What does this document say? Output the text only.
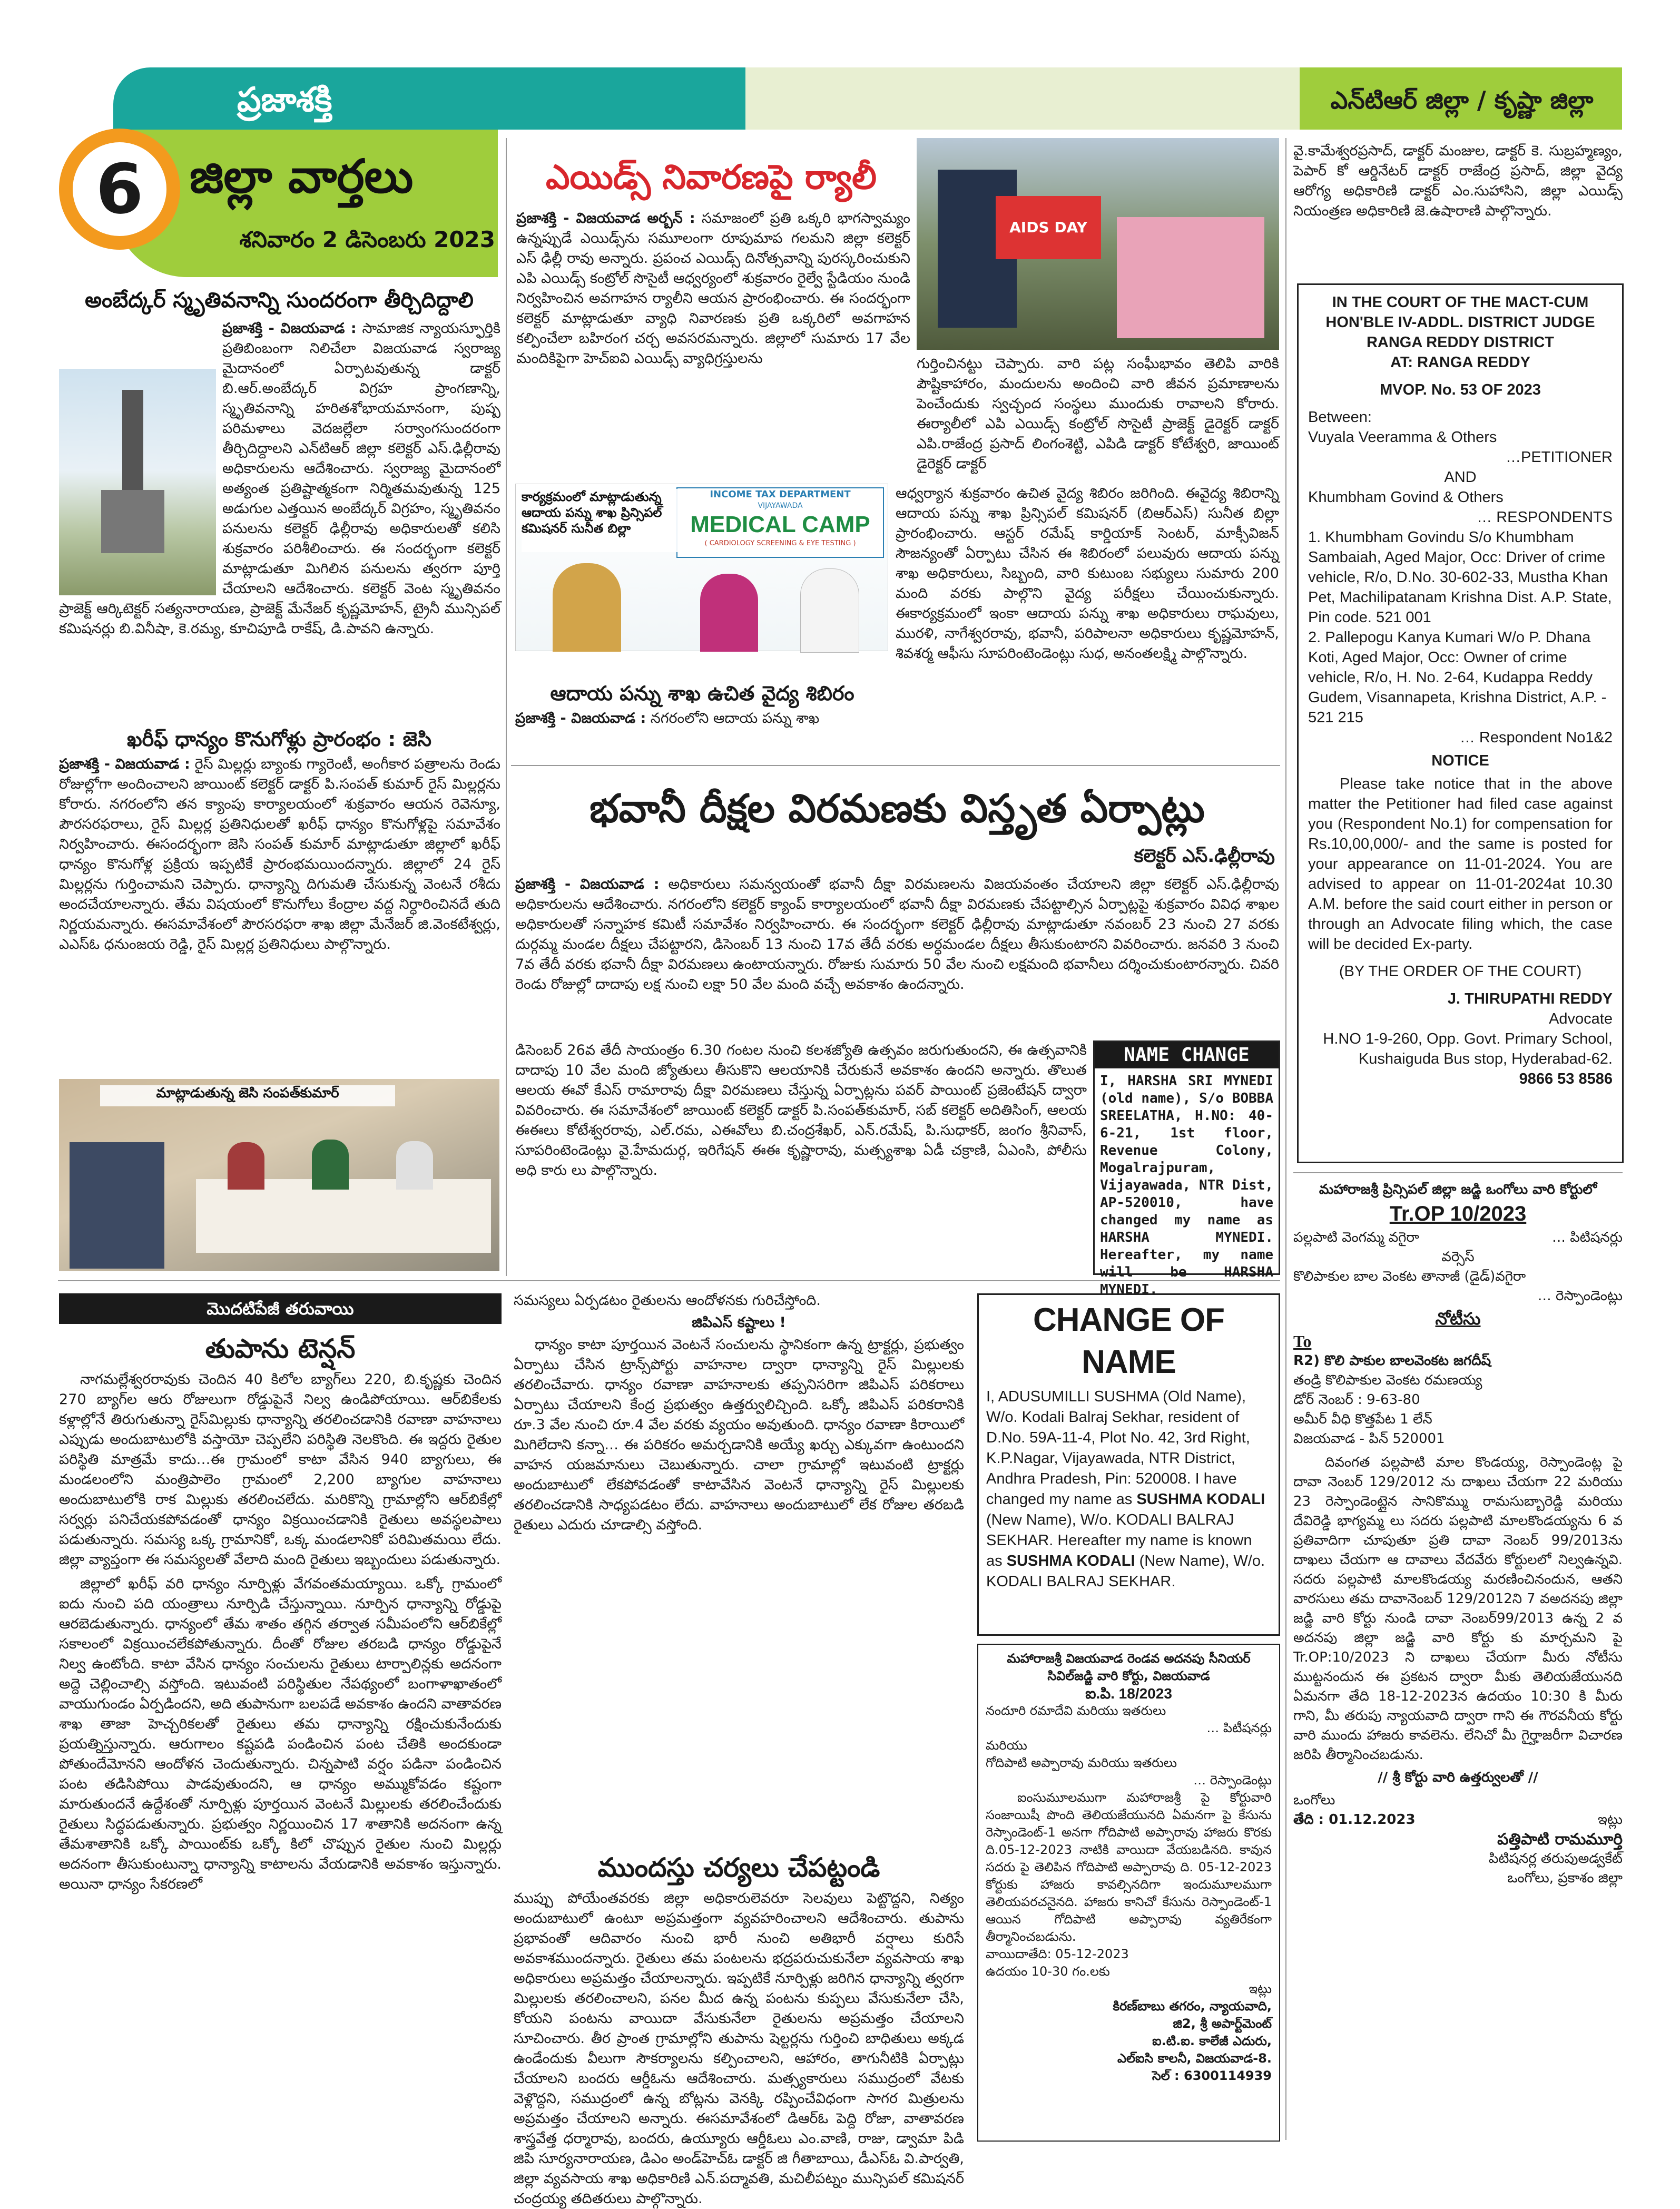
ప్రజాశక్తి	ఎన్‌టిఆర్ జిల్లా / కృష్ణా జిల్లా
6 జిల్లా వార్తలు
శనివారం 2 డిసెంబరు 2023
అంబేద్కర్ స్మృతివనాన్ని సుందరంగా తీర్చిదిద్దాలి
ప్రజాశక్తి - విజయవాడ : సామాజిక న్యాయస్ఫూర్తికి ప్రతిబింబంగా నిలిచేలా విజయవాడ స్వరాజ్య మైదానంలో ఏర్పాటవుతున్న డాక్టర్ బి.ఆర్.అంబేద్కర్ విగ్రహ ప్రాంగణాన్ని, స్మృతివనాన్ని హరితశోభాయమానంగా, పుష్ప పరిమళాలు వెదజల్లేలా సర్వాంగసుందరంగా తీర్చిదిద్దాలని ఎన్‌టిఆర్ జిల్లా కలెక్టర్ ఎస్.ఢిల్లీరావు అధికారులను ఆదేశించారు. స్వరాజ్య మైదానంలో అత్యంత ప్రతిష్టాత్మకంగా నిర్మితమవుతున్న 125 అడుగుల ఎత్తయిన అంబేద్కర్ విగ్రహం, స్మృతివనం పనులను కలెక్టర్ ఢిల్లీరావు అధికారులతో కలిసి శుక్రవారం పరిశీలించారు. ఈ సందర్భంగా కలెక్టర్ మాట్లాడుతూ మిగిలిన పనులను త్వరగా పూర్తి చేయాలని ఆదేశించారు. కలెక్టర్ వెంట స్మృతివనం ప్రాజెక్ట్ ఆర్కిటెక్టర్ సత్యనారాయణ, ప్రాజెక్ట్ మేనేజర్ కృష్ణమోహన్, ట్రైనీ మున్సిపల్ కమిషనర్లు బి.వినీషా, కె.రమ్య, కూచిపూడి రాకేష్, డి.పావని ఉన్నారు.
ఖరీఫ్ ధాన్యం కొనుగోళ్లు ప్రారంభం : జెసి
ప్రజాశక్తి - విజయవాడ : రైస్ మిల్లర్లు బ్యాంకు గ్యారెంటీ, అంగీకార పత్రాలను రెండు రోజుల్లోగా అందించాలని జాయింట్ కలెక్టర్ డాక్టర్ పి.సంపత్ కుమార్ రైస్ మిల్లర్లను కోరారు. నగరంలోని తన క్యాంపు కార్యాలయంలో శుక్రవారం ఆయన రెవెన్యూ, పౌరసరఫరాలు, రైస్ మిల్లర్ల ప్రతినిధులతో ఖరీఫ్ ధాన్యం కొనుగోళ్లపై సమావేశం నిర్వహించారు. ఈసందర్భంగా జెసి సంపత్ కుమార్ మాట్లాడుతూ జిల్లాలో ఖరీఫ్ ధాన్యం కొనుగోళ్ల ప్రక్రియ ఇప్పటికే ప్రారంభమయిందన్నారు. జిల్లాలో 24 రైస్ మిల్లర్లను గుర్తించామని చెప్పారు. ధాన్యాన్ని దిగుమతి చేసుకున్న వెంటనే రశీదు అందచేయాలన్నారు. తేమ విషయంలో కొనుగోలు కేంద్రాల వద్ద నిర్ధారించినదే తుది నిర్ణయమన్నారు. ఈసమావేశంలో పౌరసరఫరా శాఖ జిల్లా మేనేజర్ జి.వెంకటేశ్వర్లు, ఎఎస్‌ఓ ధనుంజయ రెడ్డి, రైస్ మిల్లర్ల ప్రతినిధులు పాల్గొన్నారు.
మాట్లాడుతున్న జెసి సంపత్‌కుమార్
ఎయిడ్స్ నివారణపై ర్యాలీ
ప్రజాశక్తి - విజయవాడ అర్బన్ : సమాజంలో ప్రతి ఒక్కరి భాగస్వామ్యం ఉన్నప్పుడే ఎయిడ్స్‌ను సమూలంగా రూపుమాప గలమని జిల్లా కలెక్టర్ ఎస్ ఢిల్లీ రావు అన్నారు. ప్రపంచ ఎయిడ్స్ దినోత్సవాన్ని పురస్కరించుకుని ఎపి ఎయిడ్స్ కంట్రోల్ సొసైటీ ఆధ్వర్యంలో శుక్రవారం రైల్వే స్టేడియం నుండి నిర్వహించిన అవగాహన ర్యాలీని ఆయన ప్రారంభించారు. ఈ సందర్భంగా కలెక్టర్ మాట్లాడుతూ వ్యాధి నివారణకు ప్రతి ఒక్కరిలో అవగాహన కల్పించేలా బహిరంగ చర్చ అవసరమన్నారు. జిల్లాలో సుమారు 17 వేల మందికిపైగా హెచ్‌ఐవి ఎయిడ్స్ వ్యాధిగ్రస్తులను
AIDS DAY
గుర్తించినట్టు చెప్పారు. వారి పట్ల సంఘీభావం తెలిపి వారికి పౌష్టికాహారం, మందులను అందించి వారి జీవన ప్రమాణాలను పెంచేందుకు స్వచ్ఛంద సంస్థలు ముందుకు రావాలని కోరారు. ఈర్యాలీలో ఎపి ఎయిడ్స్ కంట్రోల్ సొసైటీ ప్రాజెక్ట్ డైరెక్టర్ డాక్టర్ ఎపి.రాజేంద్ర ప్రసాద్ లింగంశెట్టి, ఎపిడి డాక్టర్ కోటేశ్వరి, జాయింట్ డైరెక్టర్ డాక్టర్
వై.కామేశ్వరప్రసాద్, డాక్టర్ మంజుల, డాక్టర్ కె. సుబ్రహ్మణ్యం, పెపార్ కో ఆర్డినేటర్ డాక్టర్ రాజేంద్ర ప్రసాద్, జిల్లా వైద్య ఆరోగ్య అధికారిణి డాక్టర్ ఎం.సుహాసిని, జిల్లా ఎయిడ్స్ నియంత్రణ అధికారిణి జె.ఉషారాణి పాల్గొన్నారు.
INCOME TAX DEPARTMENT
VIJAYAWADA
MEDICAL CAMP
( CARDIOLOGY SCREENING & EYE TESTING )
కార్యక్రమంలో మాట్లాడుతున్న ఆదాయ పన్ను శాఖ ప్రిన్సిపల్ కమిషనర్ సునీత బిల్లా
ఆదాయ పన్ను శాఖ ఉచిత వైద్య శిబిరం
ప్రజాశక్తి - విజయవాడ : నగరంలోని ఆదాయ పన్ను శాఖ
ఆధ్వర్యాన శుక్రవారం ఉచిత వైద్య శిబిరం జరిగింది. ఈవైద్య శిబిరాన్ని ఆదాయ పన్ను శాఖ ప్రిన్సిపల్ కమిషనర్ (బిఆర్‌ఎస్) సునీత బిల్లా ప్రారంభించారు. ఆస్టర్ రమేష్ కార్డియాక్ సెంటర్, మాక్సీవిజన్ సౌజన్యంతో ఏర్పాటు చేసిన ఈ శిబిరంలో పలువురు ఆదాయ పన్ను శాఖ అధికారులు, సిబ్బంది, వారి కుటుంబ సభ్యులు సుమారు 200 మంది వరకు పాల్గొని వైద్య పరీక్షలు చేయించుకున్నారు. ఈకార్యక్రమంలో ఇంకా ఆదాయ పన్ను శాఖ అధికారులు రాఘవులు, మురళి, నాగేశ్వరరావు, భవానీ, పరిపాలనా అధికారులు కృష్ణమోహన్, శివశర్మ ఆఫీసు సూపరింటెండెంట్లు సుధ, అనంతలక్ష్మి పాల్గొన్నారు.
భవానీ దీక్షల విరమణకు విస్తృత ఏర్పాట్లు
కలెక్టర్ ఎస్.ఢిల్లీరావు
ప్రజాశక్తి - విజయవాడ : అధికారులు సమన్వయంతో భవానీ దీక్షా విరమణలను విజయవంతం చేయాలని జిల్లా కలెక్టర్ ఎస్.ఢిల్లీరావు అధికారులను ఆదేశించారు. నగరంలోని కలెక్టర్ క్యాంప్ కార్యాలయంలో భవానీ దీక్షా విరమణకు చేపట్టాల్సిన ఏర్పాట్లపై శుక్రవారం వివిధ శాఖల అధికారులతో సన్నాహక కమిటీ సమావేశం నిర్వహించారు. ఈ సందర్భంగా కలెక్టర్ ఢిల్లీరావు మాట్లాడుతూ నవంబర్ 23 నుంచి 27 వరకు దుర్గమ్మ మండల దీక్షలు చేపట్టారని, డిసెంబర్ 13 నుంచి 17వ తేదీ వరకు అర్ధమండల దీక్షలు తీసుకుంటారని వివరించారు. జనవరి 3 నుంచి 7వ తేదీ వరకు భవానీ దీక్షా విరమణలు ఉంటాయన్నారు. రోజుకు సుమారు 50 వేల నుంచి లక్షమంది భవానీలు దర్శించుకుంటారన్నారు. చివరి రెండు రోజుల్లో దాదాపు లక్ష నుంచి లక్షా 50 వేల మంది వచ్చే అవకాశం ఉందన్నారు.
డిసెంబర్ 26వ తేదీ సాయంత్రం 6.30 గంటల నుంచి కలశజ్యోతి ఉత్సవం జరుగుతుందని, ఈ ఉత్సవానికి దాదాపు 10 వేల మంది జ్యోతులు తీసుకొని ఆలయానికి చేరుకునే అవకాశం ఉందని అన్నారు. తొలుత ఆలయ ఈవో కేఎస్ రామారావు దీక్షా విరమణలు చేస్తున్న ఏర్పాట్లను పవర్ పాయింట్ ప్రజెంటేషన్ ద్వారా వివరించారు. ఈ సమావేశంలో జాయింట్ కలెక్టర్ డాక్టర్ పి.సంపత్‌కుమార్, సబ్ కలెక్టర్ అదితిసింగ్, ఆలయ ఈఈలు కోటేశ్వరరావు, ఎల్.రమ, ఎఈవోలు బి.చంద్రశేఖర్, ఎన్.రమేష్, పి.సుధాకర్, జంగం శ్రీనివాస్, సూపరింటెండెంట్లు వై.హేమదుర్గ, ఇరిగేషన్ ఈఈ కృష్ణారావు, మత్స్యశాఖ ఏడీ చక్రాణి, ఏఎంసి, పోలీసు అధి కారు లు పాల్గొన్నారు.
NAME CHANGE
I, HARSHA SRI MYNEDI (old name), S/o BOBBA SREELATHA, H.NO: 40-6-21, 1st floor, Revenue Colony, Mogalrajpuram, Vijayawada, NTR Dist, AP-520010, have changed my name as HARSHA MYNEDI. Hereafter, my name will be HARSHA MYNEDI.
IN THE COURT OF THE MACT-CUM
HON'BLE IV-ADDL. DISTRICT JUDGE
RANGA REDDY DISTRICT
AT: RANGA REDDY
MVOP. No. 53 OF 2023
Between:
Vuyala Veeramma & Others
…PETITIONER
AND
Khumbham Govind & Others
… RESPONDENTS
1. Khumbham Govindu S/o Khumbham Sambaiah, Aged Major, Occ: Driver of crime vehicle, R/o, D.No. 30-602-33, Mustha Khan Pet, Machilipatanam Krishna Dist. A.P. State, Pin code. 521 001
2. Pallepogu Kanya Kumari W/o P. Dhana Koti, Aged Major, Occ: Owner of crime vehicle, R/o, H. No. 2-64, Kudappa Reddy Gudem, Visannapeta, Krishna District, A.P. - 521 215
… Respondent No1&2
NOTICE
Please take notice that in the above matter the Petitioner had filed case against you (Respondent No.1) for compensation for Rs.10,00,000/- and the same is posted for your appearance on 11-01-2024. You are advised to appear on 11-01-2024at 10.30 A.M. before the said court either in person or through an Advocate filing which, the case will be decided Ex-party.
(BY THE ORDER OF THE COURT)
J. THIRUPATHI REDDY
Advocate
H.NO 1-9-260, Opp. Govt. Primary School,
Kushaiguda Bus stop, Hyderabad-62.
9866 53 8586
మహారాజశ్రీ ప్రిన్సిపల్ జిల్లా జడ్జి ఒంగోలు వారి కోర్టులో
Tr.OP 10/2023
పల్లపాటి వెంగమ్మ వగైరా	… పిటిషనర్లు
వర్సెస్
కొలిపాకుల బాల వెంకట తానాజీ (డైడ్)వగైరా
… రెస్పాండెంట్లు
నోటీసు
To
R2) కొలి పాకుల బాలవెంకట జగదీష్
తండ్రి కొలిపాకుల వెంకట రమణయ్య
డోర్ నెంబర్ : 9-63-80
అమీర్ వీధి కొత్తపేట 1 లేన్
విజయవాడ - పిన్ 520001
దివంగత పల్లపాటి మాల కొండయ్య, రెస్పాండెంట్ల పై దావా నెంబర్ 129/2012 ను దాఖలు చేయగా 22 మరియు 23 రెస్పాండెంట్లైన సానికొమ్ము రామసుబ్బారెడ్డి మరియు దేవిరెడ్డి భాగ్యమ్మ లు సదరు పల్లపాటి మాలకొండయ్యను 6 వ ప్రతివాదిగా చూపుతూ ప్రతి దావా నెంబర్ 99/2013ను దాఖలు చేయగా ఆ దావాలు వేదవేరు కోర్టులలో నిల్వఉన్నవి. సదరు పల్లపాటి మాలకొండయ్య మరణించినందున, ఆతని వారసులు తమ దావానెంబర్ 129/2012ని 7 వఅదనపు జిల్లా జడ్జి వారి కోర్టు నుండి దావా నెంబర్99/2013 ఉన్న 2 వ అదనపు జిల్లా జడ్జి వారి కోర్టు కు మార్చమని పై Tr.OP:10/2023 ని దాఖలు చేయగా మీరు నోటీసు ముట్టనందున ఈ ప్రకటన ద్వారా మీకు తెలియజేయునది ఏమనగా తేది 18-12-2023న ఉదయం 10:30 కి మీరు గాని, మీ తరుపు న్యాయవాది ద్వారా గాని ఈ గౌరవనీయ కోర్టు వారి ముందు హాజరు కావలెను. లేనిచో మీ గైర్హాజరీగా విచారణ జరిపి తీర్మానించబడును.
// శ్రీ కోర్టు వారి ఉత్తర్వులతో //
ఒంగోలు
తేది : 01.12.2023	ఇట్లు
పత్తిపాటి రామమూర్తి
పిటిషనర్ల తరుపుఅడ్వకేట్
ఒంగోలు, ప్రకాశం జిల్లా
మొదటిపేజీ తరువాయి
తుపాను టెన్షన్

నాగమల్లేశ్వరరావుకు చెందిన 40 కిలోల బ్యాగ్‌లు 220, బి.కృష్ణకు చెందిన 270 బ్యాగ్‌ల ఆరు రోజులుగా రోడ్డుపైనే నిల్వ ఉండిపోయాయి. ఆర్‌బికేలకు కళ్లాల్లోనే తిరుగుతున్నా రైస్‌మిల్లుకు ధాన్యాన్ని తరలించడానికి రవాణా వాహనాలు ఎప్పుడు అందుబాటులోకి వస్తాయో చెప్పలేని పరిస్థితి నెలకొంది. ఈ ఇద్దరు రైతుల పరిస్థితి మాత్రమే కాదు…ఈ గ్రామంలో కాటా వేసిన 940 బ్యాగులు, ఈ మండలంలోని మంత్రిపాలెం గ్రామంలో 2,200 బ్యాగుల వాహనాలు అందుబాటులోకి రాక మిల్లుకు తరలించలేదు. మరికొన్ని గ్రామాల్లోని ఆర్‌బికేల్లో సర్వర్లు పనిచేయకపోవడంతో ధాన్యం విక్రయించడానికి రైతులు అవస్థలపాలు పడుతున్నారు. సమస్య ఒక్క గ్రామానికో, ఒక్క మండలానికో పరిమితమయి లేదు. జిల్లా వ్యాప్తంగా ఈ సమస్యలతో వేలాది మంది రైతులు ఇబ్బందులు పడుతున్నారు.

జిల్లాలో ఖరీఫ్ వరి ధాన్యం నూర్పిళ్లు వేగవంతమయ్యాయి. ఒక్కో గ్రామంలో ఐదు నుంచి పది యంత్రాలు నూర్పిడి చేస్తున్నాయి. నూర్పిన ధాన్యాన్ని రోడ్డుపై ఆరబెడుతున్నారు. ధాన్యంలో తేమ శాతం తగ్గిన తర్వాత సమీపంలోని ఆర్‌బికేల్లో సకాలంలో విక్రయించలేకపోతున్నారు. దీంతో రోజుల తరబడి ధాన్యం రోడ్డుపైనే నిల్వ ఉంటోంది. కాటా వేసిన ధాన్యం సంచులను రైతులు టార్పాలిన్లకు అదనంగా అద్దె చెల్లించాల్సి వస్తోంది. ఇటువంటి పరిస్థితుల నేపథ్యంలో బంగాళాఖాతంలో వాయుగుండం ఏర్పడిందని, అది తుపానుగా బలపడే అవకాశం ఉందని వాతావరణ శాఖ తాజా హెచ్చరికలతో రైతులు తమ ధాన్యాన్ని రక్షించుకునేందుకు ప్రయత్నిస్తున్నారు. ఆరుగాలం కష్టపడి పండించిన పంట చేతికి అందకుండా పోతుందేమోనని ఆందోళన చెందుతున్నారు. చిన్నపాటి వర్షం పడినా పండించిన పంట తడిసిపోయి పాడవుతుందని, ఆ ధాన్యం అమ్ముకోవడం కష్టంగా మారుతుందనే ఉద్దేశంతో నూర్పిళ్లు పూర్తయిన వెంటనే మిల్లులకు తరలించేందుకు రైతులు సిద్ధపడుతున్నారు. ప్రభుత్వం నిర్ణయించిన 17 శాతానికి అదనంగా ఉన్న తేమశాతానికి ఒక్కో పాయింట్‌కు ఒక్కో కిలో చొప్పున రైతుల నుంచి మిల్లర్లు అదనంగా తీసుకుంటున్నా ధాన్యాన్ని కాటాలను వేయడానికి అవకాశం ఇస్తున్నారు. అయినా ధాన్యం సేకరణలో

సమస్యలు ఏర్పడటం రైతులను ఆందోళనకు గురిచేస్తోంది.
జిపిఎస్ కష్టాలు !

ధాన్యం కాటా పూర్తయిన వెంటనే సంచులను స్థానికంగా ఉన్న ట్రాక్టర్లు, ప్రభుత్వం ఏర్పాటు చేసిన ట్రాన్స్‌పోర్టు వాహనాల ద్వారా ధాన్యాన్ని రైస్ మిల్లులకు తరలించేవారు. ధాన్యం రవాణా వాహనాలకు తప్పనిసరిగా జిపిఎస్ పరికరాలు ఏర్పాటు చేయాలని కేంద్ర ప్రభుత్వం ఉత్తర్వులిచ్చింది. ఒక్కో జిపిఎస్ పరికరానికి రూ.3 వేల నుంచి రూ.4 వేల వరకు వ్యయం అవుతుంది. ధాన్యం రవాణా కిరాయిలో మిగిలేదాని కన్నా… ఈ పరికరం అమర్చడానికి అయ్యే ఖర్చు ఎక్కువగా ఉంటుందని వాహన యజమానులు చెబుతున్నారు. చాలా గ్రామాల్లో ఇటువంటి ట్రాక్టర్లు అందుబాటులో లేకపోవడంతో కాటావేసిన వెంటనే ధాన్యాన్ని రైస్ మిల్లులకు తరలించడానికి సాధ్యపడటం లేదు. వాహనాలు అందుబాటులో లేక రోజుల తరబడి రైతులు ఎదురు చూడాల్సి వస్తోంది.

ముందస్తు చర్యలు చేపట్టండి
ముప్పు పోయేంతవరకు జిల్లా అధికారులెవరూ సెలవులు పెట్టొద్దని, నిత్యం అందుబాటులో ఉంటూ అప్రమత్తంగా వ్యవహరించాలని ఆదేశించారు. తుపాను ప్రభావంతో ఆదివారం నుంచి భారీ నుంచి అతిభారీ వర్షాలు కురిసే అవకాశముందన్నారు. రైతులు తమ పంటలను భద్రపరుచుకునేలా వ్యవసాయ శాఖ అధికారులు అప్రమత్తం చేయాలన్నారు. ఇప్పటికే నూర్పిళ్లు జరిగిన ధాన్యాన్ని త్వరగా మిల్లులకు తరలించాలని, పనల మీద ఉన్న పంటను కుప్పలు వేసుకునేలా చేసి, కోయని పంటను వాయిదా వేసుకునేలా రైతులను అప్రమత్తం చేయాలని సూచించారు. తీర ప్రాంత గ్రామాల్లోని తుపాను షెల్టర్లను గుర్తించి బాధితులు అక్కడ ఉండేందుకు వీలుగా సౌకర్యాలను కల్పించాలని, ఆహారం, తాగునీటికి ఏర్పాట్లు చేయాలని బందరు ఆర్డీఓను ఆదేశించారు. మత్స్యకారులు సముద్రంలో వేటకు వెళ్లొద్దని, సముద్రంలో ఉన్న బోట్లను వెనక్కి రప్పించేవిధంగా సాగర మిత్రులను అప్రమత్తం చేయాలని అన్నారు. ఈసమావేశంలో డిఆర్‌ఓ పెద్ది రోజా, వాతావరణ శాస్త్రవేత్త ధర్మారావు, బందరు, ఉయ్యూరు ఆర్డీఓలు ఎం.వాణి, రాజు, డ్వామా పిడి జిపి సూర్యనారాయణ, డిఎం అండ్‌హెచ్‌ఓ డాక్టర్ జి గీతాబాయి, డీఎస్‌ఓ వి.పార్వతి, జిల్లా వ్యవసాయ శాఖ అధికారిణి ఎన్.పద్మావతి, మచిలీపట్నం మున్సిపల్ కమిషనర్ చంద్రయ్య తదితరులు పాల్గొన్నారు.
CHANGE OF NAME
I, ADUSUMILLI SUSHMA (Old Name), W/o. Kodali Balraj Sekhar, resident of D.No. 59A-11-4, Plot No. 42, 3rd Right, K.P.Nagar, Vijayawada, NTR District, Andhra Pradesh, Pin: 520008. I have changed my name as SUSHMA KODALI (New Name), W/o. KODALI BALRAJ SEKHAR. Hereafter my name is known as SUSHMA KODALI (New Name), W/o. KODALI BALRAJ SEKHAR.
మహారాజశ్రీ విజయవాడ రెండవ అదనపు సీనియర్ సివిల్‌జడ్జి వారి కోర్టు, విజయవాడ
ఐ.పి. 18/2023
నందూరి రమాదేవి మరియు ఇతరులు
… పిటీషనర్లు
మరియు
గోదిపాటి అప్పారావు మరియు ఇతరులు
… రెస్పాండెంట్లు
ఐంసుమూలముగా మహారాజశ్రీ పై కోర్టువారి సంజాయిషీ పొంది తెలియజేయునది ఏమనగా పై కేసును రెస్పాండెంట్-1 అనగా గోదిపాటి అప్పారావు హాజరు కొరకు ది.05-12-2023 నాటికి వాయిదా వేయబడినది. కావున సదరు పై తెలిపిన గోదిపాటి అప్పారావు ది. 05-12-2023 కోర్టుకు హాజరు కావల్సినదిగా ఇందుమూలముగా తెలియపరచనైనది. హాజరు కానిచో కేసును రెస్పాండెంట్-1 ఆయిన గోదిపాటి అప్పారావు వ్యతిరేకంగా తీర్మానించబడును.
వాయిదాతేది: 05-12-2023
ఉదయం 10-30 గం.లకు
ఇట్లు
కిరణ్‌బాబు తగరం, న్యాయవాది,
జి2, శ్రీ అపార్ట్‌మెంట్
ఐ.టి.ఐ. కాలేజీ ఎదురు,
ఎల్‌ఐసి కాలనీ, విజయవాడ-8.
సెల్ : 6300114939
